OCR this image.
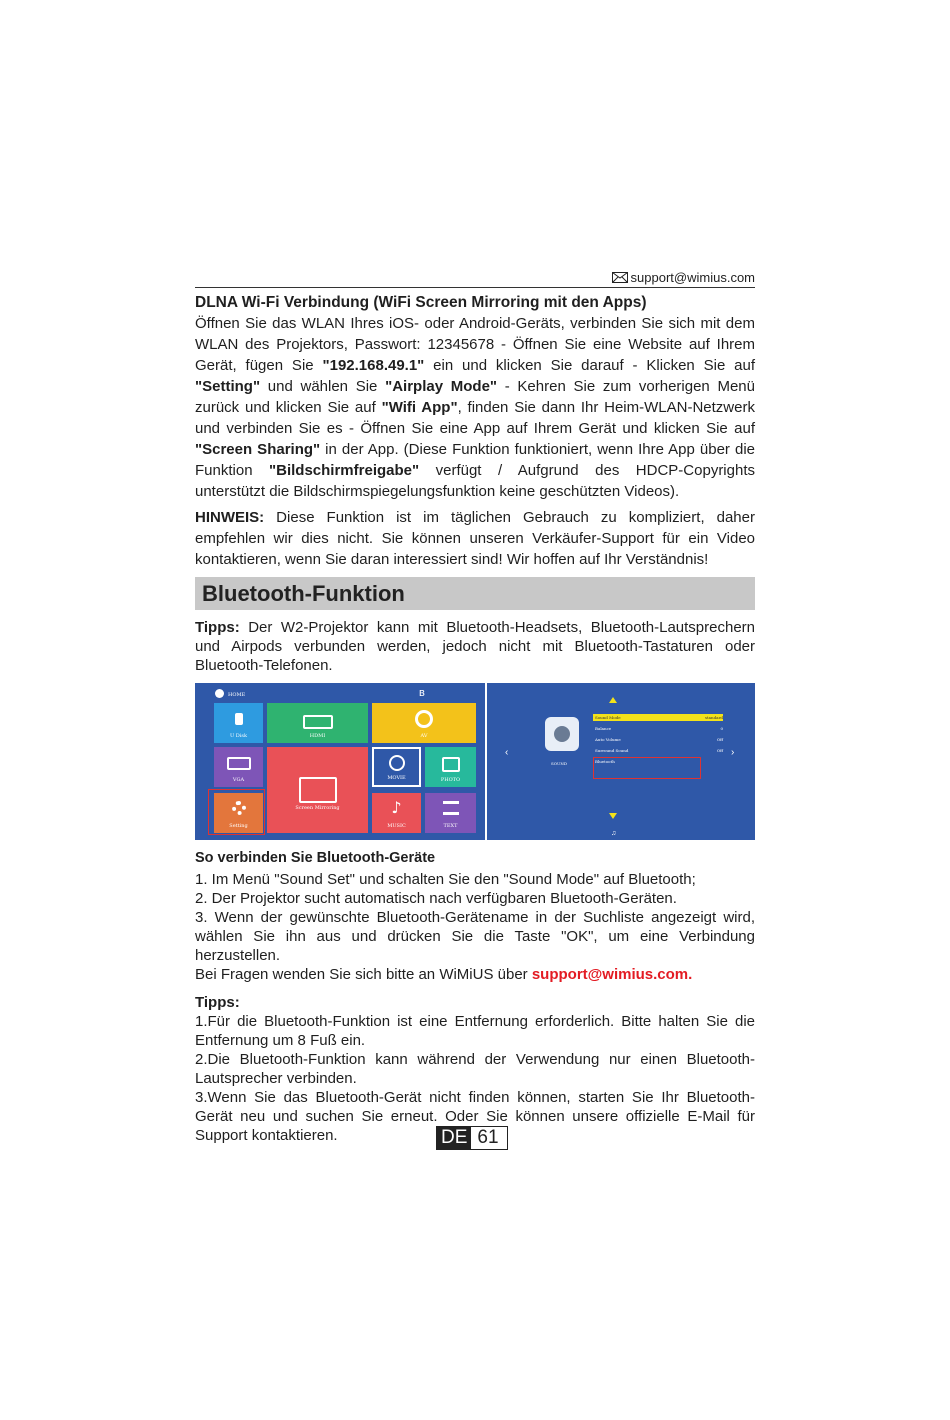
support@wimius.com
DLNA Wi-Fi Verbindung (WiFi Screen Mirroring mit den Apps)

Öffnen Sie das WLAN Ihres iOS- oder Android-Geräts, verbinden Sie sich mit dem WLAN des Projektors, Passwort: 12345678 - Öffnen Sie eine Website auf Ihrem Gerät, fügen Sie "192.168.49.1" ein und klicken Sie darauf - Klicken Sie auf "Setting" und wählen Sie "Airplay Mode" - Kehren Sie zum vorherigen Menü zurück und klicken Sie auf "Wifi App", finden Sie dann Ihr Heim-WLAN-Netzwerk und verbinden Sie es - Öffnen Sie eine App auf Ihrem Gerät und klicken Sie auf "Screen Sharing" in der App. (Diese Funktion funktioniert, wenn Ihre App über die Funktion "Bildschirmfreigabe" verfügt / Aufgrund des HDCP-Copyrights unterstützt die Bildschirmspiegelungsfunktion keine geschützten Videos).

HINWEIS: Diese Funktion ist im täglichen Gebrauch zu kompliziert, daher empfehlen wir dies nicht. Sie können unseren Verkäufer-Support für ein Video kontaktieren, wenn Sie daran interessiert sind! Wir hoffen auf Ihr Verständnis!

Bluetooth-Funktion

Tipps: Der W2-Projektor kann mit Bluetooth-Headsets, Bluetooth-Lautsprechern und Airpods verbunden werden, jedoch nicht mit Bluetooth-Tastaturen oder Bluetooth-Telefonen.

HOME	ʙ
U Disk	HDMI	AV
VGA
Screen Mirroring
MOVIE	PHOTO
Setting
♪
MUSIC	TEXT
‹	›
SOUND
Sound Mode	standard
Balance	0
Auto Volume	Off
Surround Sound	Off
Bluetooth
♫
So verbinden Sie Bluetooth-Geräte

1. Im Menü "Sound Set" und schalten Sie den "Sound Mode" auf Bluetooth;

2. Der Projektor sucht automatisch nach verfügbaren Bluetooth-Geräten.

3. Wenn der gewünschte Bluetooth-Gerätename in der Suchliste angezeigt wird, wählen Sie ihn aus und drücken Sie die Taste "OK", um eine Verbindung herzustellen.

Bei Fragen wenden Sie sich bitte an WiMiUS über support@wimius.com.

Tipps:

1.Für die Bluetooth-Funktion ist eine Entfernung erforderlich. Bitte halten Sie die Entfernung um 8 Fuß ein.

2.Die Bluetooth-Funktion kann während der Verwendung nur einen Bluetooth-Lautsprecher verbinden.

3.Wenn Sie das Bluetooth-Gerät nicht finden können, starten Sie Ihr Bluetooth-Gerät neu und suchen Sie erneut. Oder Sie können unsere offizielle E-Mail für Support kontaktieren.	DE 61
